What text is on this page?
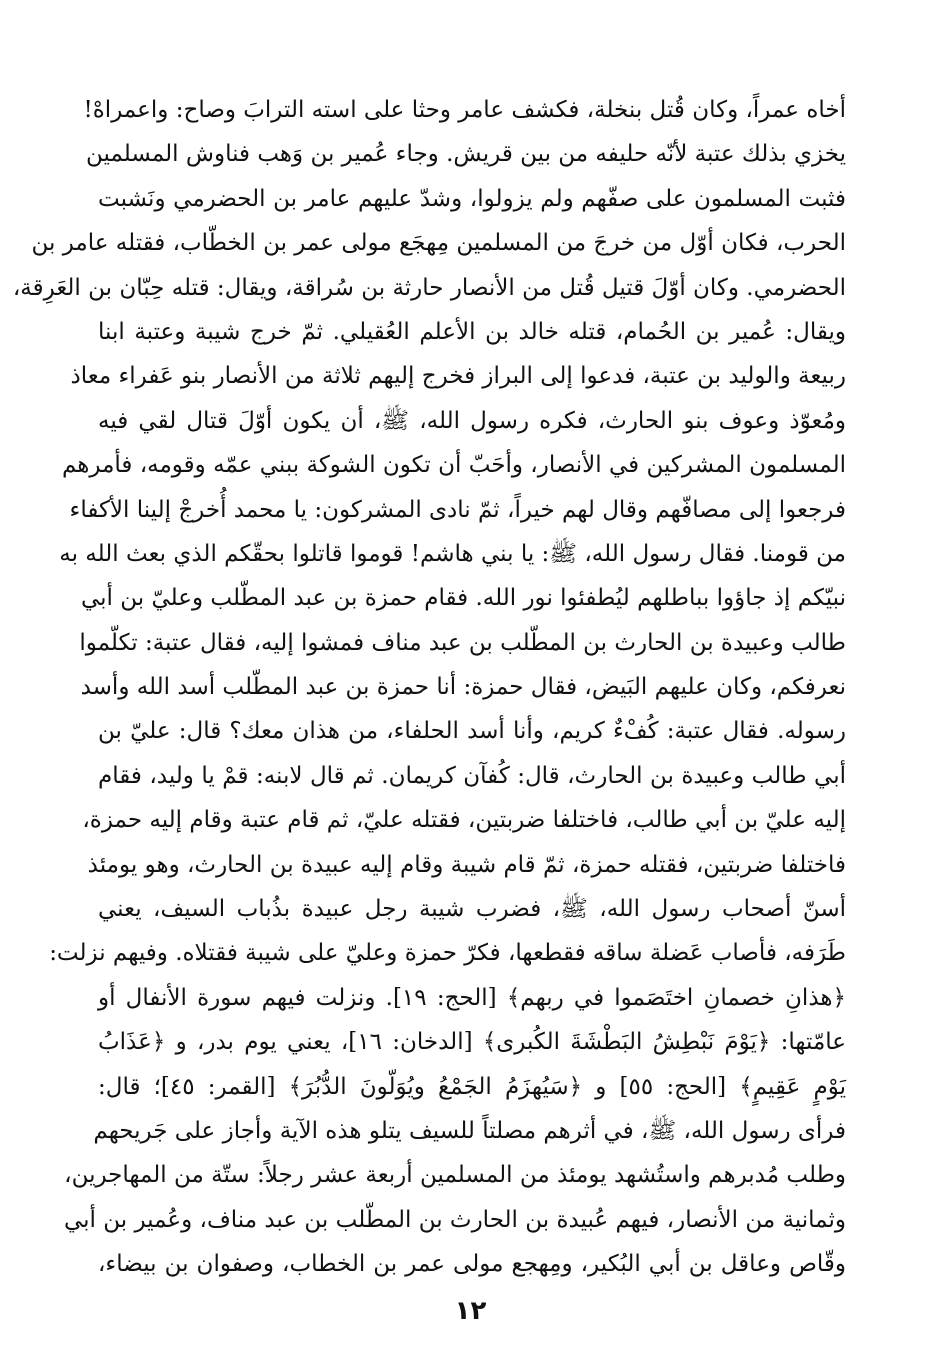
أخاه عمراً، وكان قُتل بنخلة، فكشف عامر وحثا على استه الترابَ وصاح: واعمراهْ!
يخزي بذلك عتبة لأنّه حليفه من بين قريش. وجاء عُمير بن وَهب فناوش المسلمين
فثبت المسلمون على صفّهم ولم يزولوا، وشدّ عليهم عامر بن الحضرمي ونَشبت
الحرب، فكان أوّل من خرجَ من المسلمين مِهجَع مولى عمر بن الخطّاب، فقتله عامر بن
الحضرمي. وكان أوّلَ قتيل قُتل من الأنصار حارثة بن سُراقة، ويقال: قتله حِبّان بن العَرِقة،
ويقال: عُمير بن الحُمام، قتله خالد بن الأعلم العُقيلي. ثمّ خرج شيبة وعتبة ابنا
ربيعة والوليد بن عتبة، فدعوا إلى البراز فخرج إليهم ثلاثة من الأنصار بنو عَفراء معاذ
ومُعوّذ وعوف بنو الحارث، فكره رسول الله، ﷺ، أن يكون أوّلَ قتال لقي فيه
المسلمون المشركين في الأنصار، وأحَبّ أن تكون الشوكة ببني عمّه وقومه، فأمرهم
فرجعوا إلى مصافّهم وقال لهم خيراً، ثمّ نادى المشركون: يا محمد أُخرجْ إلينا الأكفاء
من قومنا. فقال رسول الله، ﷺ: يا بني هاشم! قوموا قاتلوا بحقّكم الذي بعث الله به
نبيّكم إذ جاؤوا بباطلهم ليُطفئوا نور الله. فقام حمزة بن عبد المطّلب وعليّ بن أبي
طالب وعبيدة بن الحارث بن المطّلب بن عبد مناف فمشوا إليه، فقال عتبة: تكلّموا
نعرفكم، وكان عليهم البَيض، فقال حمزة: أنا حمزة بن عبد المطّلب أسد الله وأسد
رسوله. فقال عتبة: كُفْءٌ كريم، وأنا أسد الحلفاء، من هذان معك؟ قال: عليّ بن
أبي طالب وعبيدة بن الحارث، قال: كُفآن كريمان. ثم قال لابنه: قمْ يا وليد، فقام
إليه عليّ بن أبي طالب، فاختلفا ضربتين، فقتله عليّ، ثم قام عتبة وقام إليه حمزة،
فاختلفا ضربتين، فقتله حمزة، ثمّ قام شيبة وقام إليه عبيدة بن الحارث، وهو يومئذ
أسنّ أصحاب رسول الله، ﷺ، فضرب شيبة رجل عبيدة بذُباب السيف، يعني
طَرَفه، فأصاب عَضلة ساقه فقطعها، فكرّ حمزة وعليّ على شيبة فقتلاه. وفيهم نزلت:
﴿هذانِ خصمانِ اختَصَموا في ربهم﴾ [الحج: ١٩]. ونزلت فيهم سورة الأنفال أو
عامّتها: ﴿يَوْمَ نَبْطِشُ البَطْشَةَ الكُبرى﴾ [الدخان: ١٦]، يعني يوم بدر، و ﴿عَذَابُ
يَوْمٍ عَقِيمٍ﴾ [الحج: ٥٥] و ﴿سَيُهزَمُ الجَمْعُ ويُوَلّونَ الدُّبُرَ﴾ [القمر: ٤٥]؛ قال:
فرأى رسول الله، ﷺ، في أثرهم مصلتاً للسيف يتلو هذه الآية وأجاز على جَريحهم
وطلب مُدبرهم واستُشهد يومئذ من المسلمين أربعة عشر رجلاً: ستّة من المهاجرين،
وثمانية من الأنصار، فيهم عُبيدة بن الحارث بن المطّلب بن عبد مناف، وعُمير بن أبي
وقّاص وعاقل بن أبي البُكير، ومِهجع مولى عمر بن الخطاب، وصفوان بن بيضاء،
١٢
